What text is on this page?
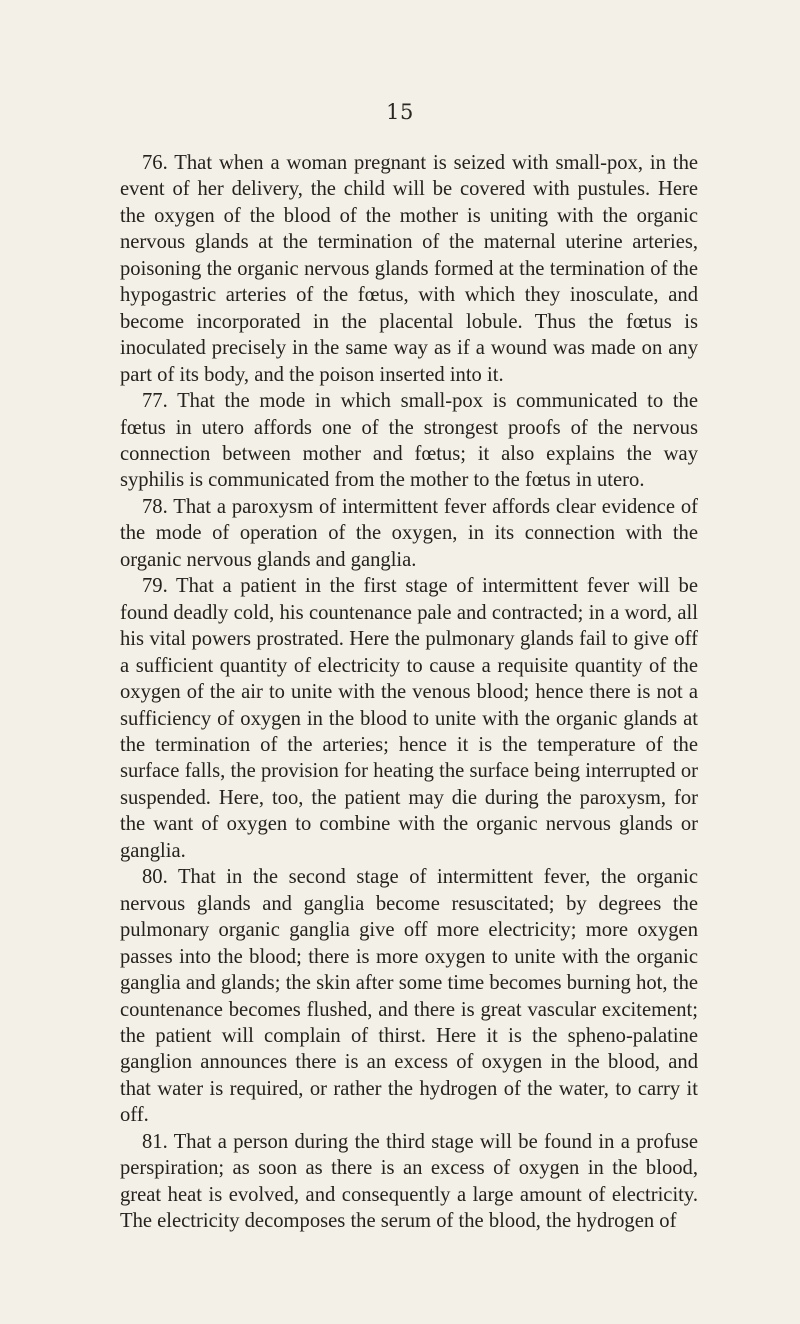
15

76. That when a woman pregnant is seized with small-pox, in the event of her delivery, the child will be covered with pustules. Here the oxygen of the blood of the mother is uniting with the organic nervous glands at the termination of the maternal uterine arteries, poisoning the organic nervous glands formed at the termination of the hypogastric arteries of the fœtus, with which they inosculate, and become incorporated in the placental lobule. Thus the fœtus is inoculated precisely in the same way as if a wound was made on any part of its body, and the poison inserted into it.

77. That the mode in which small-pox is communicated to the fœtus in utero affords one of the strongest proofs of the nervous connection between mother and fœtus; it also explains the way syphilis is communicated from the mother to the fœtus in utero.

78. That a paroxysm of intermittent fever affords clear evidence of the mode of operation of the oxygen, in its connection with the organic nervous glands and ganglia.

79. That a patient in the first stage of intermittent fever will be found deadly cold, his countenance pale and contracted; in a word, all his vital powers prostrated. Here the pulmonary glands fail to give off a sufficient quantity of electricity to cause a requisite quantity of the oxygen of the air to unite with the venous blood; hence there is not a sufficiency of oxygen in the blood to unite with the organic glands at the termination of the arteries; hence it is the temperature of the surface falls, the provision for heating the surface being interrupted or suspended. Here, too, the patient may die during the paroxysm, for the want of oxygen to combine with the organic nervous glands or ganglia.

80. That in the second stage of intermittent fever, the organic nervous glands and ganglia become resuscitated; by degrees the pulmonary organic ganglia give off more electricity; more oxygen passes into the blood; there is more oxygen to unite with the organic ganglia and glands; the skin after some time becomes burning hot, the countenance becomes flushed, and there is great vascular excitement; the patient will complain of thirst. Here it is the spheno-palatine ganglion announces there is an excess of oxygen in the blood, and that water is required, or rather the hydrogen of the water, to carry it off.

81. That a person during the third stage will be found in a profuse perspiration; as soon as there is an excess of oxygen in the blood, great heat is evolved, and consequently a large amount of electricity. The electricity decomposes the serum of the blood, the hydrogen of
